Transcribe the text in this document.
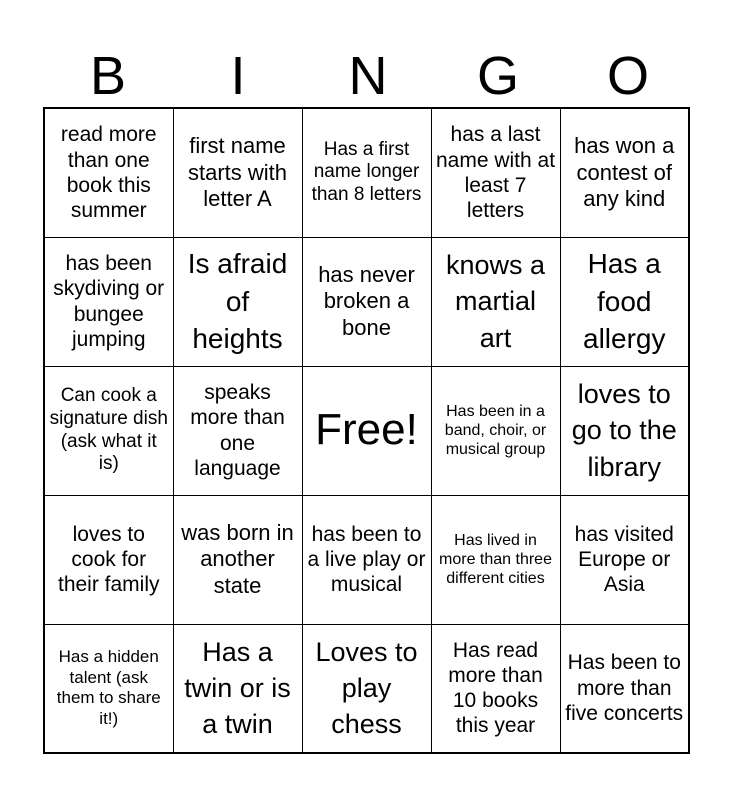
B	I	N	G	O
read more than one book this summer	first name starts with letter A	Has a first name longer than 8 letters	has a last name with at least 7 letters	has won a contest of any kind

has been skydiving or bungee jumping	Is afraid of heights	has never broken a bone	knows a martial art	Has a food allergy

Can cook a signature dish (ask what it is)	speaks more than one language	Free!	Has been in a band, choir, or musical group	loves to go to the library

loves to cook for their family	was born in another state	has been to a live play or musical	Has lived in more than three different cities	has visited Europe or Asia

Has a hidden talent (ask them to share it!)	Has a twin or is a twin	Loves to play chess	Has read more than 10 books this year	Has been to more than five concerts
